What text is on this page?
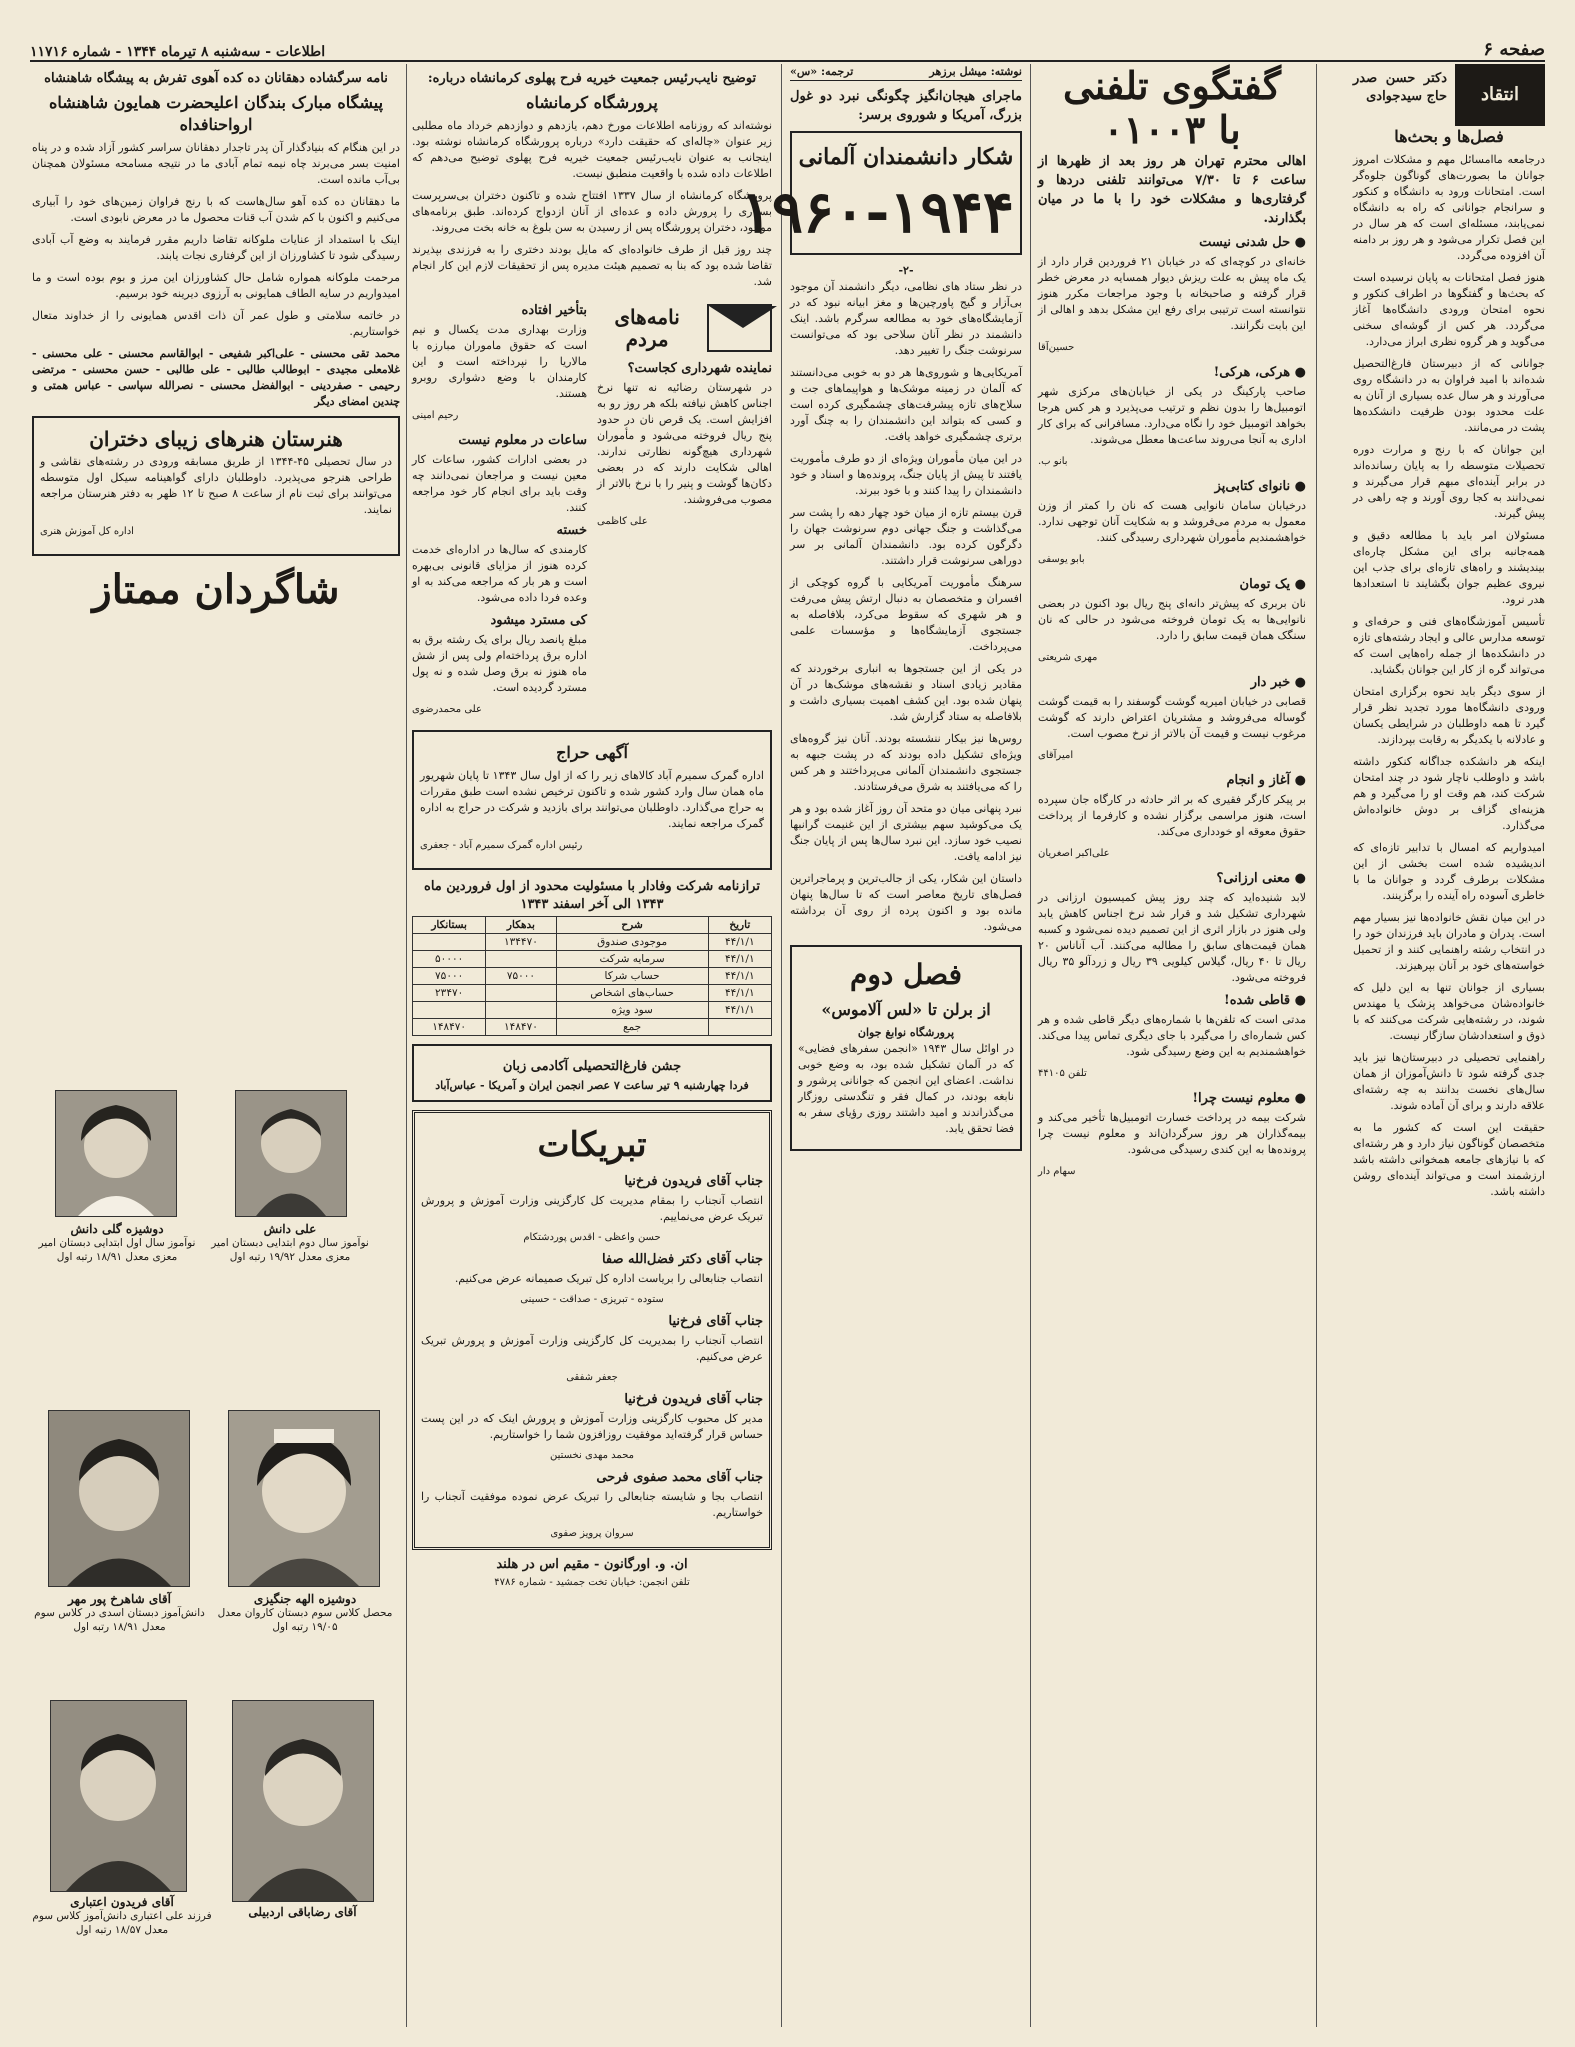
صفحه ۶
اطلاعات - سه‌شنبه ۸ تیرماه ۱۳۴۴ - شماره ۱۱۷۱۶
انتقاد
دکتر حسن صدر حاج سیدجوادی
فصل‌ها و بحث‌ها

درجامعه ماامسائل مهم و مشکلات امروز جوانان ما بصورت‌های گوناگون جلوه‌گر است. امتحانات ورود به دانشگاه و کنکور و سرانجام جوانانی که راه به دانشگاه نمی‌یابند، مسئله‌ای است که هر سال در این فصل تکرار می‌شود و هر روز بر دامنه آن افزوده می‌گردد.

هنوز فصل امتحانات به پایان نرسیده است که بحث‌ها و گفتگوها در اطراف کنکور و نحوه امتحان ورودی دانشگاه‌ها آغاز می‌گردد. هر کس از گوشه‌ای سخنی می‌گوید و هر گروه نظری ابراز می‌دارد.

جوانانی که از دبیرستان فارغ‌التحصیل شده‌اند با امید فراوان به در دانشگاه روی می‌آورند و هر سال عده بسیاری از آنان به علت محدود بودن ظرفیت دانشکده‌ها پشت در می‌مانند.

این جوانان که با رنج و مرارت دوره تحصیلات متوسطه را به پایان رسانده‌اند در برابر آینده‌ای مبهم قرار می‌گیرند و نمی‌دانند به کجا روی آورند و چه راهی در پیش گیرند.

مسئولان امر باید با مطالعه دقیق و همه‌جانبه برای این مشکل چاره‌ای بیندیشند و راه‌های تازه‌ای برای جذب این نیروی عظیم جوان بگشایند تا استعدادها هدر نرود.

تأسیس آموزشگاه‌های فنی و حرفه‌ای و توسعه مدارس عالی و ایجاد رشته‌های تازه در دانشکده‌ها از جمله راه‌هایی است که می‌تواند گره از کار این جوانان بگشاید.

از سوی دیگر باید نحوه برگزاری امتحان ورودی دانشگاه‌ها مورد تجدید نظر قرار گیرد تا همه داوطلبان در شرایطی یکسان و عادلانه با یکدیگر به رقابت بپردازند.

اینکه هر دانشکده جداگانه کنکور داشته باشد و داوطلب ناچار شود در چند امتحان شرکت کند، هم وقت او را می‌گیرد و هم هزینه‌ای گزاف بر دوش خانواده‌اش می‌گذارد.

امیدواریم که امسال با تدابیر تازه‌ای که اندیشیده شده است بخشی از این مشکلات برطرف گردد و جوانان ما با خاطری آسوده راه آینده را برگزینند.

در این میان نقش خانواده‌ها نیز بسیار مهم است. پدران و مادران باید فرزندان خود را در انتخاب رشته راهنمایی کنند و از تحمیل خواسته‌های خود بر آنان بپرهیزند.

بسیاری از جوانان تنها به این دلیل که خانواده‌شان می‌خواهد پزشک یا مهندس شوند، در رشته‌هایی شرکت می‌کنند که با ذوق و استعدادشان سازگار نیست.

راهنمایی تحصیلی در دبیرستان‌ها نیز باید جدی گرفته شود تا دانش‌آموزان از همان سال‌های نخست بدانند به چه رشته‌ای علاقه دارند و برای آن آماده شوند.

حقیقت این است که کشور ما به متخصصان گوناگون نیاز دارد و هر رشته‌ای که با نیازهای جامعه همخوانی داشته باشد ارزشمند است و می‌تواند آینده‌ای روشن داشته باشد.

گفتگوی تلفنی
با ۰۱۰۰۳

اهالی محترم تهران هر روز بعد از ظهرها از ساعت ۶ تا ۷/۳۰ می‌توانند تلفنی دردها و گرفتاری‌ها و مشکلات خود را با ما در میان بگذارند.

● حل شدنی نیست

خانه‌ای در کوچه‌ای که در خیابان ۲۱ فروردین قرار دارد از یک ماه پیش به علت ریزش دیوار همسایه در معرض خطر قرار گرفته و صاحبخانه با وجود مراجعات مکرر هنوز نتوانسته است ترتیبی برای رفع این مشکل بدهد و اهالی از این بابت نگرانند.

حسین‌آقا
● هرکی، هرکی!

صاحب پارکینگ در یکی از خیابان‌های مرکزی شهر اتومبیل‌ها را بدون نظم و ترتیب می‌پذیرد و هر کس هرجا بخواهد اتومبیل خود را نگاه می‌دارد. مسافرانی که برای کار اداری به آنجا می‌روند ساعت‌ها معطل می‌شوند.

بانو ب.
● نانوای کتابی‌پز

درخیابان سامان نانوایی هست که نان را کمتر از وزن معمول به مردم می‌فروشد و به شکایت آنان توجهی ندارد. خواهشمندیم مأموران شهرداری رسیدگی کنند.

بابو یوسفی
● یک تومان

نان بربری که پیش‌تر دانه‌ای پنج ریال بود اکنون در بعضی نانوایی‌ها به یک تومان فروخته می‌شود در حالی که نان سنگک همان قیمت سابق را دارد.

مهری شریعتی
● خبر دار

قصابی در خیابان امیریه گوشت گوسفند را به قیمت گوشت گوساله می‌فروشد و مشتریان اعتراض دارند که گوشت مرغوب نیست و قیمت آن بالاتر از نرخ مصوب است.

امیرآقای
● آغاز و انجام

بر پیکر کارگر فقیری که بر اثر حادثه در کارگاه جان سپرده است، هنوز مراسمی برگزار نشده و کارفرما از پرداخت حقوق معوقه او خودداری می‌کند.

علی‌اکبر اصغریان
● معنی ارزانی؟

لابد شنیده‌اید که چند روز پیش کمیسیون ارزانی در شهرداری تشکیل شد و قرار شد نرخ اجناس کاهش یابد ولی هنوز در بازار اثری از این تصمیم دیده نمی‌شود و کسبه همان قیمت‌های سابق را مطالبه می‌کنند. آب آناناس ۲۰ ریال تا ۴۰ ریال، گیلاس کیلویی ۳۹ ریال و زردآلو ۳۵ ریال فروخته می‌شود.

● قاطی شده!

مدتی است که تلفن‌ها با شماره‌های دیگر قاطی شده و هر کس شماره‌ای را می‌گیرد با جای دیگری تماس پیدا می‌کند. خواهشمندیم به این وضع رسیدگی شود.

تلفن ۴۴۱۰۵
● معلوم نیست چرا!

شرکت بیمه در پرداخت خسارت اتومبیل‌ها تأخیر می‌کند و بیمه‌گذاران هر روز سرگردان‌اند و معلوم نیست چرا پرونده‌ها به این کندی رسیدگی می‌شود.

سهام دار
نوشته: میشل برزهر
ترجمه: «س»

ماجرای هیجان‌انگیز چگونگی نبرد دو غول بزرگ، آمریکا و شوروی برسر:

شکار دانشمندان آلمانی
۱۹۶۰-۱۹۴۴
-۲-

در نظر ستاد های نظامی، دیگر دانشمند آن موجود بی‌آزار و گیج پاورچین‌ها و مغز ابیانه نبود که در آزمایشگاه‌های خود به مطالعه سرگرم باشد. اینک دانشمند در نظر آنان سلاحی بود که می‌توانست سرنوشت جنگ را تغییر دهد.

آمریکایی‌ها و شوروی‌ها هر دو به خوبی می‌دانستند که آلمان در زمینه موشک‌ها و هواپیماهای جت و سلاح‌های تازه پیشرفت‌های چشمگیری کرده است و کسی که بتواند این دانشمندان را به چنگ آورد برتری چشمگیری خواهد یافت.

در این میان مأموران ویژه‌ای از دو طرف مأموریت یافتند تا پیش از پایان جنگ، پرونده‌ها و اسناد و خود دانشمندان را پیدا کنند و با خود ببرند.

قرن بیستم تازه از میان خود چهار دهه را پشت سر می‌گذاشت و جنگ جهانی دوم سرنوشت جهان را دگرگون کرده بود. دانشمندان آلمانی بر سر دوراهی سرنوشت قرار داشتند.

سرهنگ مأموریت آمریکایی با گروه کوچکی از افسران و متخصصان به دنبال ارتش پیش می‌رفت و هر شهری که سقوط می‌کرد، بلافاصله به جستجوی آزمایشگاه‌ها و مؤسسات علمی می‌پرداخت.

در یکی از این جستجوها به انباری برخوردند که مقادیر زیادی اسناد و نقشه‌های موشک‌ها در آن پنهان شده بود. این کشف اهمیت بسیاری داشت و بلافاصله به ستاد گزارش شد.

روس‌ها نیز بیکار ننشسته بودند. آنان نیز گروه‌های ویژه‌ای تشکیل داده بودند که در پشت جبهه به جستجوی دانشمندان آلمانی می‌پرداختند و هر کس را که می‌یافتند به شرق می‌فرستادند.

نبرد پنهانی میان دو متحد آن روز آغاز شده بود و هر یک می‌کوشید سهم بیشتری از این غنیمت گرانبها نصیب خود سازد. این نبرد سال‌ها پس از پایان جنگ نیز ادامه یافت.

داستان این شکار، یکی از جالب‌ترین و پرماجراترین فصل‌های تاریخ معاصر است که تا سال‌ها پنهان مانده بود و اکنون پرده از روی آن برداشته می‌شود.

فصل دوم
از برلن تا «لس آلاموس»
پرورشگاه نوابغ جوان

در اوائل سال ۱۹۴۳ «انجمن سفرهای فضایی» که در آلمان تشکیل شده بود، به وضع خوبی نداشت. اعضای این انجمن که جوانانی پرشور و نابغه بودند، در کمال فقر و تنگدستی روزگار می‌گذراندند و امید داشتند روزی رؤیای سفر به فضا تحقق یابد.

توضیح نایب‌رئیس جمعیت خیریه فرح پهلوی کرمانشاه درباره:
پرورشگاه کرمانشاه

نوشته‌اند که روزنامه اطلاعات مورخ دهم، یازدهم و دوازدهم خرداد ماه مطلبی زیر عنوان «چاله‌ای که حقیقت دارد» درباره پرورشگاه کرمانشاه نوشته بود. اینجانب به عنوان نایب‌رئیس جمعیت خیریه فرح پهلوی توضیح می‌دهم که اطلاعات داده شده با واقعیت منطبق نیست.

پرورشگاه کرمانشاه از سال ۱۳۳۷ افتتاح شده و تاکنون دختران بی‌سرپرست بسیاری را پرورش داده و عده‌ای از آنان ازدواج کرده‌اند. طبق برنامه‌های موجود، دختران پرورشگاه پس از رسیدن به سن بلوغ به خانه بخت می‌روند.

چند روز قبل از طرف خانواده‌ای که مایل بودند دختری را به فرزندی بپذیرند تقاضا شده بود که بنا به تصمیم هیئت مدیره پس از تحقیقات لازم این کار انجام شد.

نامه‌های مردم
نماینده شهرداری کجاست؟

در شهرستان رضائیه نه تنها نرخ اجناس کاهش نیافته بلکه هر روز رو به افزایش است. یک قرص نان در حدود پنج ریال فروخته می‌شود و مأموران شهرداری هیچ‌گونه نظارتی ندارند. اهالی شکایت دارند که در بعضی دکان‌ها گوشت و پنیر را با نرخ بالاتر از مصوب می‌فروشند.

علی کاظمی
بتأخیر افتاده

وزارت بهداری مدت یکسال و نیم است که حقوق ماموران مبارزه با مالاریا را نپرداخته است و این کارمندان با وضع دشواری روبرو هستند.

رحیم امینی
ساعات در معلوم نیست

در بعضی ادارات کشور، ساعات کار معین نیست و مراجعان نمی‌دانند چه وقت باید برای انجام کار خود مراجعه کنند.

خسته

کارمندی که سال‌ها در اداره‌ای خدمت کرده هنوز از مزایای قانونی بی‌بهره است و هر بار که مراجعه می‌کند به او وعده فردا داده می‌شود.

کی مسترد میشود

مبلغ پانصد ریال برای یک رشته برق به اداره برق پرداخته‌ام ولی پس از شش ماه هنوز نه برق وصل شده و نه پول مسترد گردیده است.

علی محمدرضوی
آگهی حراج

اداره گمرک سمیرم آباد کالاهای زیر را که از اول سال ۱۳۴۳ تا پایان شهریور ماه همان سال وارد کشور شده و تاکنون ترخیص نشده است طبق مقررات به حراج می‌گذارد. داوطلبان می‌توانند برای بازدید و شرکت در حراج به اداره گمرک مراجعه نمایند.

رئیس اداره گمرک سمیرم آباد - جعفری
ترازنامه شرکت وفادار با مسئولیت محدود از اول فروردین ماه ۱۳۴۳ الی آخر اسفند ۱۳۴۳
تاریخ	شرح	بدهکار	بستانکار
۴۴/۱/۱	موجودی صندوق	۱۳۴۴۷۰	
۴۴/۱/۱	سرمایه شرکت		۵۰۰۰۰
۴۴/۱/۱	حساب شرکا	۷۵۰۰۰	۷۵۰۰۰
۴۴/۱/۱	حساب‌های اشخاص		۲۳۴۷۰
۴۴/۱/۱	سود ویژه		
	جمع	۱۴۸۴۷۰	۱۴۸۴۷۰
جشن فارغ‌التحصیلی آکادمی زبان
فردا چهارشنبه ۹ تیر ساعت ۷ عصر انجمن ایران و آمریکا - عباس‌آباد
تبریکات
جناب آقای فریدون فرخ‌نیا

انتصاب آنجناب را بمقام مدیریت کل کارگزینی وزارت آموزش و پرورش تبریک عرض می‌نماییم.

حسن واعظی - اقدس پوردشتکام
جناب آقای دکتر فضل‌الله صفا

انتصاب جنابعالی را بریاست اداره کل تبریک صمیمانه عرض می‌کنیم.

ستوده - تبریزی - صداقت - حسینی
جناب آقای فرخ‌نیا

انتصاب آنجناب را بمدیریت کل کارگزینی وزارت آموزش و پرورش تبریک عرض می‌کنیم.

جعفر شفقی
جناب آقای فریدون فرخ‌نیا

مدیر کل محبوب کارگزینی وزارت آموزش و پرورش اینک که در این پست حساس قرار گرفته‌اید موفقیت روزافزون شما را خواستاریم.

محمد مهدی نخستین
جناب آقای محمد صفوی فرحی

انتصاب بجا و شایسته جنابعالی را تبریک عرض نموده موفقیت آنجناب را خواستاریم.

سروان پرویز صفوی
ان. و. اورگانون - مقیم اس در هلند

تلفن انجمن: خیابان تخت جمشید - شماره ۴۷۸۶

نامه سرگشاده دهقانان ده کده آهوی تفرش به پیشگاه شاهنشاه
پیشگاه مبارک بندگان اعلیحضرت همایون شاهنشاه ارواحنافداه

در این هنگام که بنیادگذار آن پدر تاجدار دهقانان سراسر کشور آزاد شده و در پناه امنیت بسر می‌برند چاه نیمه تمام آبادی ما در نتیجه مسامحه مسئولان همچنان بی‌آب مانده است.

ما دهقانان ده کده آهو سال‌هاست که با رنج فراوان زمین‌های خود را آبیاری می‌کنیم و اکنون با کم شدن آب قنات محصول ما در معرض نابودی است.

اینک با استمداد از عنایات ملوکانه تقاضا داریم مقرر فرمایند به وضع آب آبادی رسیدگی شود تا کشاورزان از این گرفتاری نجات یابند.

مرحمت ملوکانه همواره شامل حال کشاورزان این مرز و بوم بوده است و ما امیدواریم در سایه الطاف همایونی به آرزوی دیرینه خود برسیم.

در خاتمه سلامتی و طول عمر آن ذات اقدس همایونی را از خداوند متعال خواستاریم.

محمد تقی محسنی - علی‌اکبر شفیعی - ابوالقاسم محسنی - علی محسنی - غلامعلی مجیدی - ابوطالب طالبی - علی طالبی - حسن محسنی - مرتضی رحیمی - صفردینی - ابوالفضل محسنی - نصرالله سپاسی - عباس همتی و چندین امضای دیگر

هنرستان هنرهای زیبای دختران

در سال تحصیلی ۴۵-۱۳۴۴ از طریق مسابقه ورودی در رشته‌های نقاشی و طراحی هنرجو می‌پذیرد. داوطلبان دارای گواهینامه سیکل اول متوسطه می‌توانند برای ثبت نام از ساعت ۸ صبح تا ۱۲ ظهر به دفتر هنرستان مراجعه نمایند.

اداره کل آموزش هنری
شاگردان ممتاز
علی دانش
نوآموز سال دوم ابتدایی دبستان امیر معزی معدل ۱۹/۹۲ رتبه اول
دوشیزه گلی دانش
نوآموز سال اول ابتدایی دبستان امیر معزی معدل ۱۸/۹۱ رتبه اول
دوشیزه الهه جنگیزی
محصل کلاس سوم دبستان کاروان معدل ۱۹/۰۵ رتبه اول
آقای شاهرخ پور مهر
دانش‌آموز دبستان اسدی در کلاس سوم معدل ۱۸/۹۱ رتبه اول
آقای رضاباقی اردبیلی
آقای فریدون اعتباری
فرزند علی اعتباری دانش‌آموز کلاس سوم معدل ۱۸/۵۷ رتبه اول
